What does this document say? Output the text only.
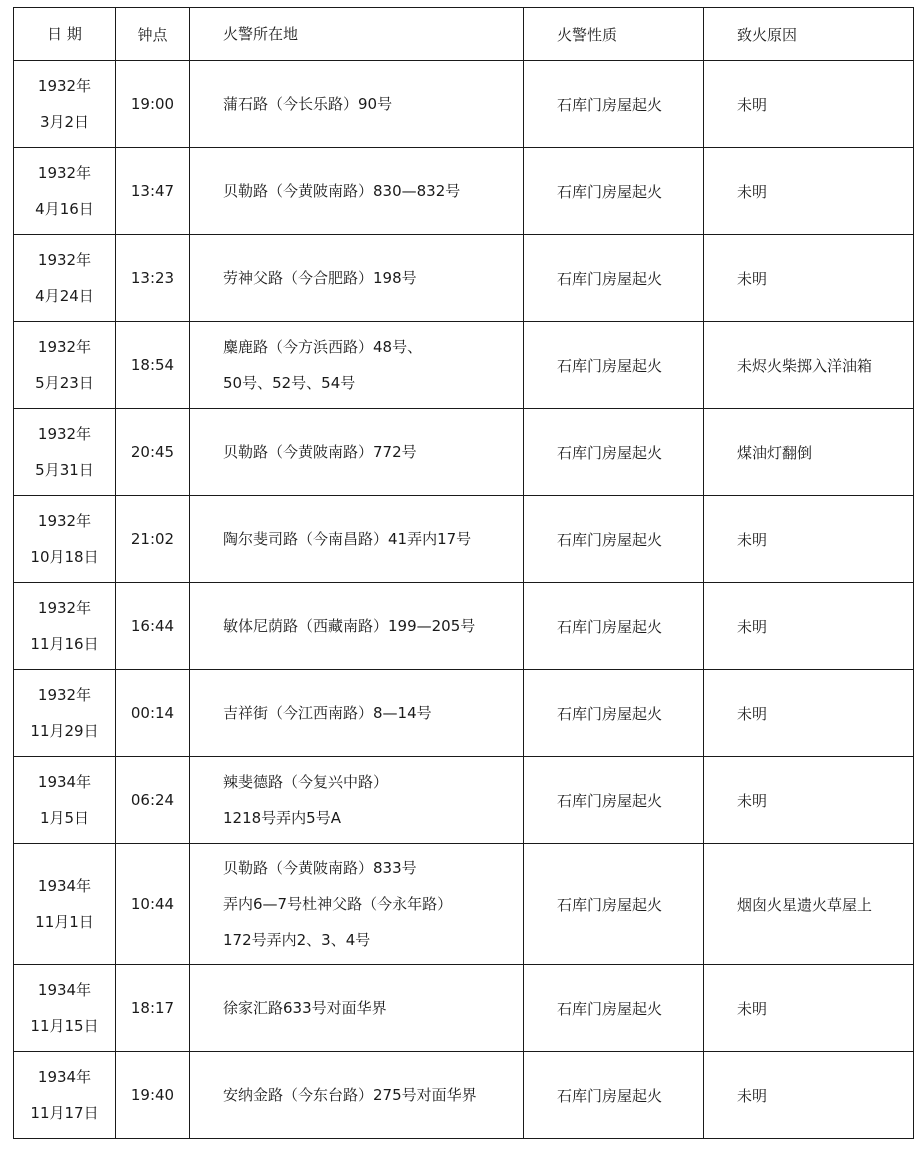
日 期	钟点	火警所在地	火警性质	致火原因

1932年
3月2日	19:00	蒲石路（今长乐路）90号	石库门房屋起火	未明

1932年
4月16日	13:47	贝勒路（今黄陂南路）830—832号	石库门房屋起火	未明

1932年
4月24日	13:23	劳神父路（今合肥路）198号	石库门房屋起火	未明

1932年
5月23日	18:54	麋鹿路（今方浜西路）48号、
50号、52号、54号	石库门房屋起火	未烬火柴掷入洋油箱

1932年
5月31日	20:45	贝勒路（今黄陂南路）772号	石库门房屋起火	煤油灯翻倒

1932年
10月18日	21:02	陶尔斐司路（今南昌路）41弄内17号	石库门房屋起火	未明

1932年
11月16日	16:44	敏体尼荫路（西藏南路）199—205号	石库门房屋起火	未明

1932年
11月29日	00:14	吉祥街（今江西南路）8—14号	石库门房屋起火	未明

1934年
1月5日	06:24	辣斐德路（今复兴中路）
1218号弄内5号A	石库门房屋起火	未明

1934年
11月1日	10:44	贝勒路（今黄陂南路）833号
弄内6—7号杜神父路（今永年路）
172号弄内2、3、4号	石库门房屋起火	烟囱火星遗火草屋上

1934年
11月15日	18:17	徐家汇路633号对面华界	石库门房屋起火	未明

1934年
11月17日	19:40	安纳金路（今东台路）275号对面华界	石库门房屋起火	未明
